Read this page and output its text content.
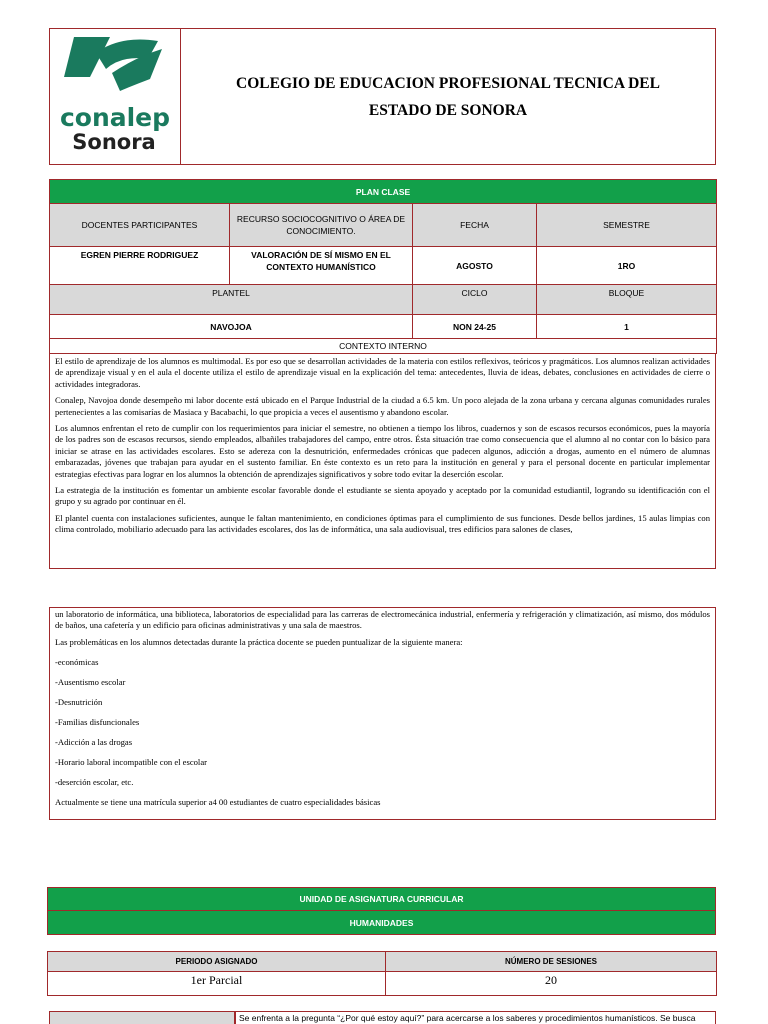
conalep
Sonora
COLEGIO DE EDUCACION PROFESIONAL TECNICA DEL ESTADO DE SONORA
PLAN CLASE			
DOCENTES PARTICIPANTES	RECURSO SOCIOCOGNITIVO O ÁREA DE CONOCIMIENTO.	FECHA	SEMESTRE
EGREN PIERRE RODRIGUEZ	VALORACIÓN DE SÍ MISMO EN EL CONTEXTO HUMANÍSTICO	AGOSTO	1RO
PLANTEL		CICLO	BLOQUE
NAVOJOA		NON 24-25	1
CONTEXTO INTERNO			

El estilo de aprendizaje de los alumnos es multimodal. Es por eso que se desarrollan actividades de la materia con estilos reflexivos, teóricos y pragmáticos. Los alumnos realizan actividades de aprendizaje visual y en el aula el docente utiliza el estilo de aprendizaje visual en la explicación del tema: antecedentes, lluvia de ideas, debates, conclusiones en actividades de cierre o actividades integradoras.

Conalep, Navojoa donde desempeño mi labor docente está ubicado en el Parque Industrial de la ciudad a 6.5 km. Un poco alejada de la zona urbana y cercana algunas comunidades rurales pertenecientes a las comisarías de Masiaca y Bacabachi, lo que propicia a veces el ausentismo y abandono escolar.

Los alumnos enfrentan el reto de cumplir con los requerimientos para iniciar el semestre, no obtienen a tiempo los libros, cuadernos y son de escasos recursos económicos, pues la mayoría de los padres son de escasos recursos, siendo empleados, albañiles trabajadores del campo, entre otros. Ésta situación trae como consecuencia que el alumno al no contar con lo básico para iniciar se atrase en las actividades escolares. Esto se adereza con la desnutrición, enfermedades crónicas que padecen algunos, adicción a drogas, aumento en el número de alumnas embarazadas, jóvenes que trabajan para ayudar en el sustento familiar. En éste contexto es un reto para la institución en general y para el personal docente en particular implementar estrategias efectivas para lograr en los alumnos la obtención de aprendizajes significativos y sobre todo evitar la deserción escolar.

La estrategia de la institución es fomentar un ambiente escolar favorable donde el estudiante se sienta apoyado y aceptado por la comunidad estudiantil, logrando su identificación con el grupo y su agrado por continuar en él.

El plantel cuenta con instalaciones suficientes, aunque le faltan mantenimiento, en condiciones óptimas para el cumplimiento de sus funciones. Desde bellos jardines, 15 aulas limpias con clima controlado, mobiliario adecuado para las actividades escolares, dos las de informática, una sala audiovisual, tres edificios para salones de clases,

un laboratorio de informática, una biblioteca, laboratorios de especialidad para las carreras de electromecánica industrial, enfermería y refrigeración y climatización, así mismo, dos módulos de baños, una cafetería y un edificio para oficinas administrativas y una sala de maestros.

Las problemáticas en los alumnos detectadas durante la práctica docente se pueden puntualizar de la siguiente manera:

-económicas

-Ausentismo escolar

-Desnutrición

-Familias disfuncionales

-Adicción a las drogas

-Horario laboral incompatible con el escolar

-deserción escolar, etc.

Actualmente se tiene una matrícula superior a4 00 estudiantes de cuatro especialidades básicas

UNIDAD DE ASIGNATURA CURRICULAR
HUMANIDADES
PERIODO ASIGNADO	NÚMERO DE SESIONES
1er Parcial	20
Se enfrenta a la pregunta “¿Por qué estoy aquí?” para acercarse a los saberes y procedimientos humanísticos. Se busca
